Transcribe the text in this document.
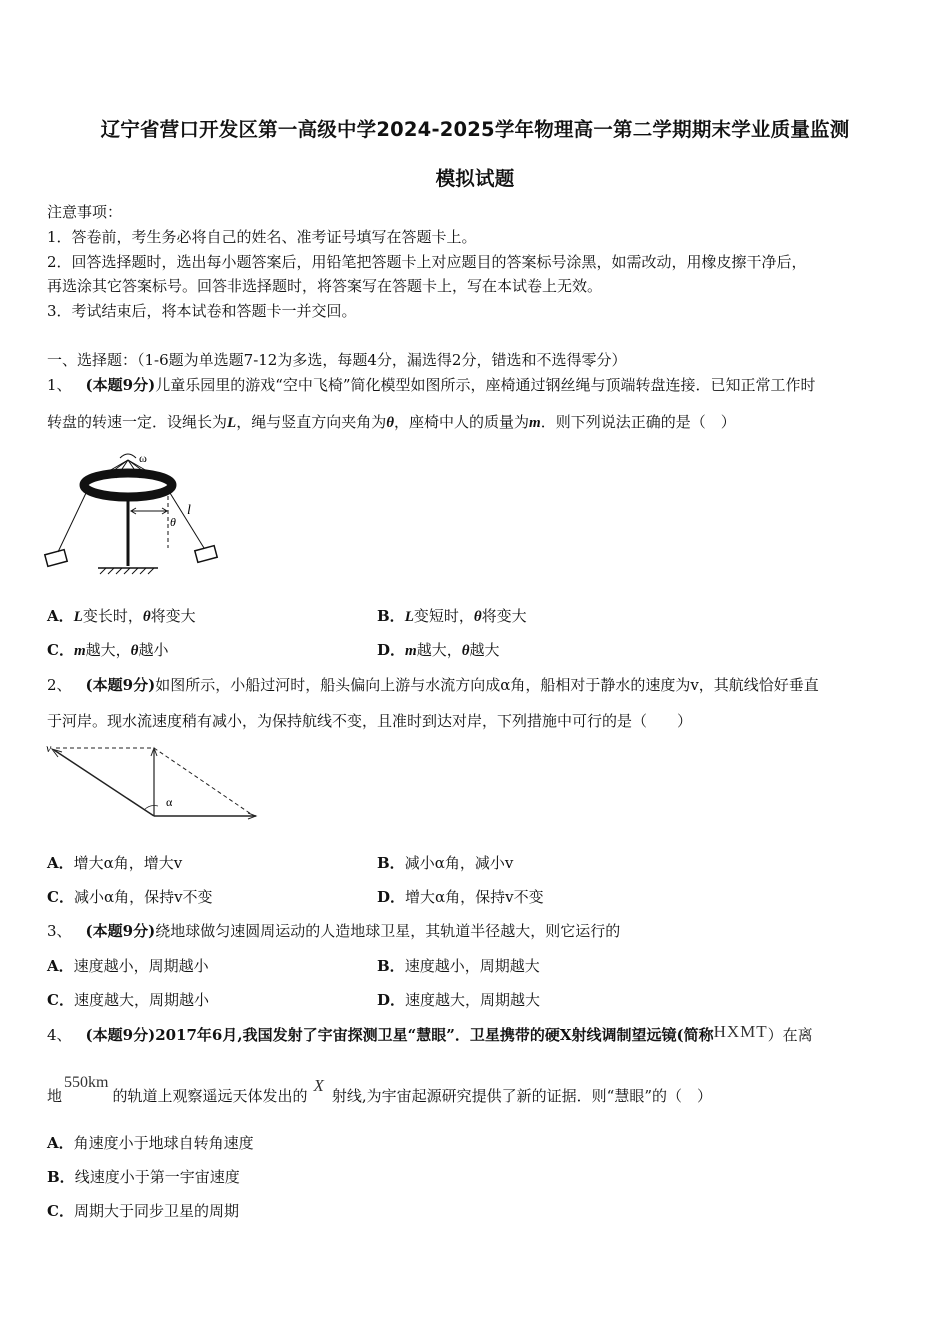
辽宁省营口开发区第一高级中学2024-2025学年物理高一第二学期期末学业质量监测
模拟试题
注意事项：
1．答卷前，考生务必将自己的姓名、准考证号填写在答题卡上。
2．回答选择题时，选出每小题答案后，用铅笔把答题卡上对应题目的答案标号涂黑，如需改动，用橡皮擦干净后，
再选涂其它答案标号。回答非选择题时，将答案写在答题卡上，写在本试卷上无效。
3．考试结束后，将本试卷和答题卡一并交回。
一、选择题：（1-6题为单选题7-12为多选，每题4分，漏选得2分，错选和不选得零分）
1、 (本题9分)儿童乐园里的游戏“空中飞椅”简化模型如图所示，座椅通过钢丝绳与顶端转盘连接．已知正常工作时
转盘的转速一定．设绳长为L，绳与竖直方向夹角为θ，座椅中人的质量为m．则下列说法正确的是（　）
ω
θ
l
A．L变长时，θ将变大	B．L变短时，θ将变大
C．m越大，θ越小	D．m越大，θ越大
2、 (本题9分)如图所示，小船过河时，船头偏向上游与水流方向成α角，船相对于静水的速度为v，其航线恰好垂直
于河岸。现水流速度稍有减小，为保持航线不变，且准时到达对岸，下列措施中可行的是（　　）
v
α
A．增大α角，增大v	B．减小α角，减小v
C．减小α角，保持v不变	D．增大α角，保持v不变
3、 (本题9分)绕地球做匀速圆周运动的人造地球卫星，其轨道半径越大，则它运行的
A．速度越小，周期越小	B．速度越小，周期越大
C．速度越大，周期越小	D．速度越大，周期越大
4、 (本题9分)2017年6月,我国发射了宇宙探测卫星“慧眼”．卫星携带的硬X射线调制望远镜(简称HXMT）在离
地550km的轨道上观察遥远天体发出的X射线,为宇宙起源研究提供了新的证据．则“慧眼”的（　）
A．角速度小于地球自转角速度
B．线速度小于第一宇宙速度
C．周期大于同步卫星的周期
